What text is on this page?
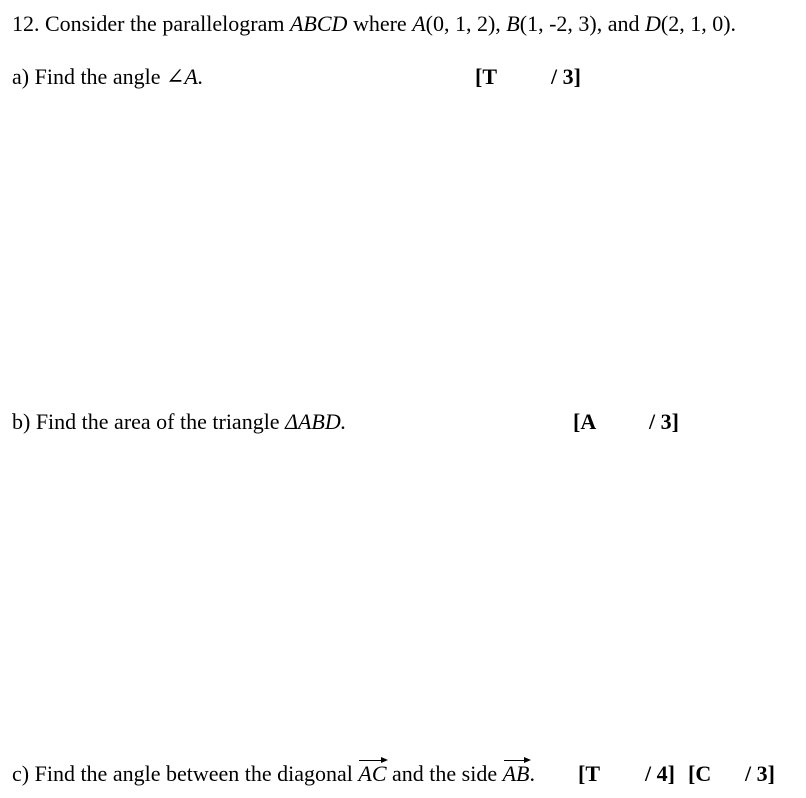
12. Consider the parallelogram ABCD where A(0, 1, 2), B(1, -2, 3), and D(2, 1, 0).
a) Find the angle ∠A.	[T / 3]
b) Find the area of the triangle ΔABD.	[A / 3]
c) Find the angle between the diagonal AC and the side AB. [T / 4] [C / 3]
